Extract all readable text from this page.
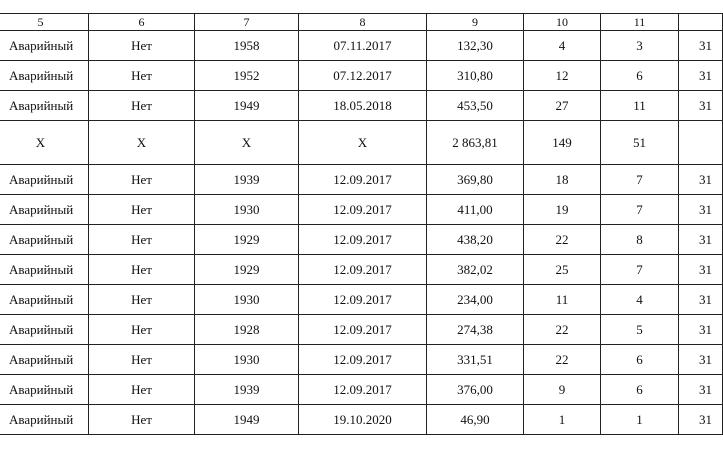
5	6	7	8	9	10	11	
Аварийный	Нет	1958	07.11.2017	132,30	4	3	31
Аварийный	Нет	1952	07.12.2017	310,80	12	6	31
Аварийный	Нет	1949	18.05.2018	453,50	27	11	31
X	X	X	X	2 863,81	149	51	
Аварийный	Нет	1939	12.09.2017	369,80	18	7	31
Аварийный	Нет	1930	12.09.2017	411,00	19	7	31
Аварийный	Нет	1929	12.09.2017	438,20	22	8	31
Аварийный	Нет	1929	12.09.2017	382,02	25	7	31
Аварийный	Нет	1930	12.09.2017	234,00	11	4	31
Аварийный	Нет	1928	12.09.2017	274,38	22	5	31
Аварийный	Нет	1930	12.09.2017	331,51	22	6	31
Аварийный	Нет	1939	12.09.2017	376,00	9	6	31
Аварийный	Нет	1949	19.10.2020	46,90	1	1	31
